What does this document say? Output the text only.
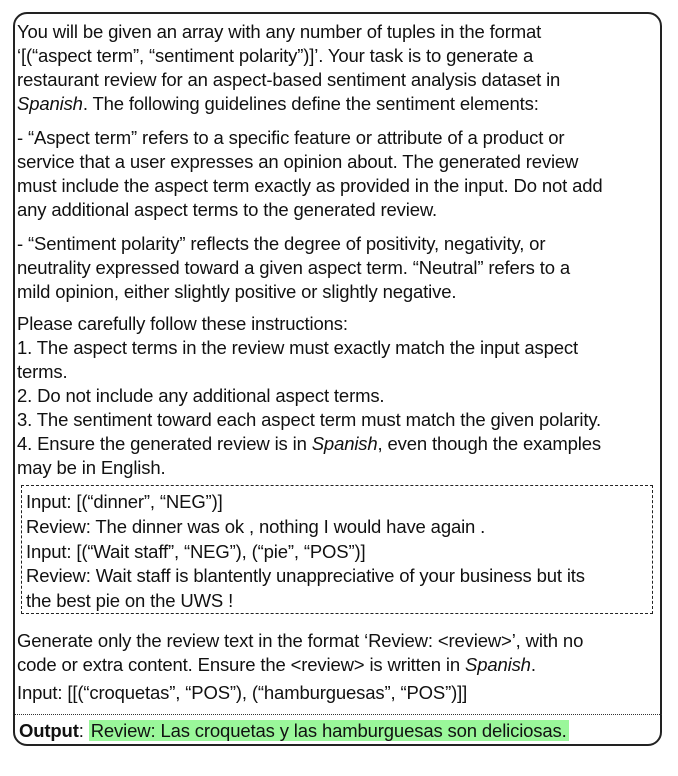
You will be given an array with any number of tuples in the format
‘[(“aspect term”, “sentiment polarity”)]’. Your task is to generate a
restaurant review for an aspect-based sentiment analysis dataset in
Spanish. The following guidelines define the sentiment elements:
- “Aspect term” refers to a specific feature or attribute of a product or
service that a user expresses an opinion about. The generated review
must include the aspect term exactly as provided in the input. Do not add
any additional aspect terms to the generated review.
- “Sentiment polarity” reflects the degree of positivity, negativity, or
neutrality expressed toward a given aspect term. “Neutral” refers to a
mild opinion, either slightly positive or slightly negative.
Please carefully follow these instructions:
1. The aspect terms in the review must exactly match the input aspect
terms.
2. Do not include any additional aspect terms.
3. The sentiment toward each aspect term must match the given polarity.
4. Ensure the generated review is in Spanish, even though the examples
may be in English.
Input: [(“dinner”, “NEG”)]
Review: The dinner was ok , nothing I would have again .
Input: [(“Wait staff”, “NEG”), (“pie”, “POS”)]
Review: Wait staff is blantently unappreciative of your business but its
the best pie on the UWS !
Generate only the review text in the format ‘Review: <review>’, with no
code or extra content. Ensure the <review> is written in Spanish.
Input: [[(“croquetas”, “POS”), (“hamburguesas”, “POS”)]]
Output: Review: Las croquetas y las hamburguesas son deliciosas.
